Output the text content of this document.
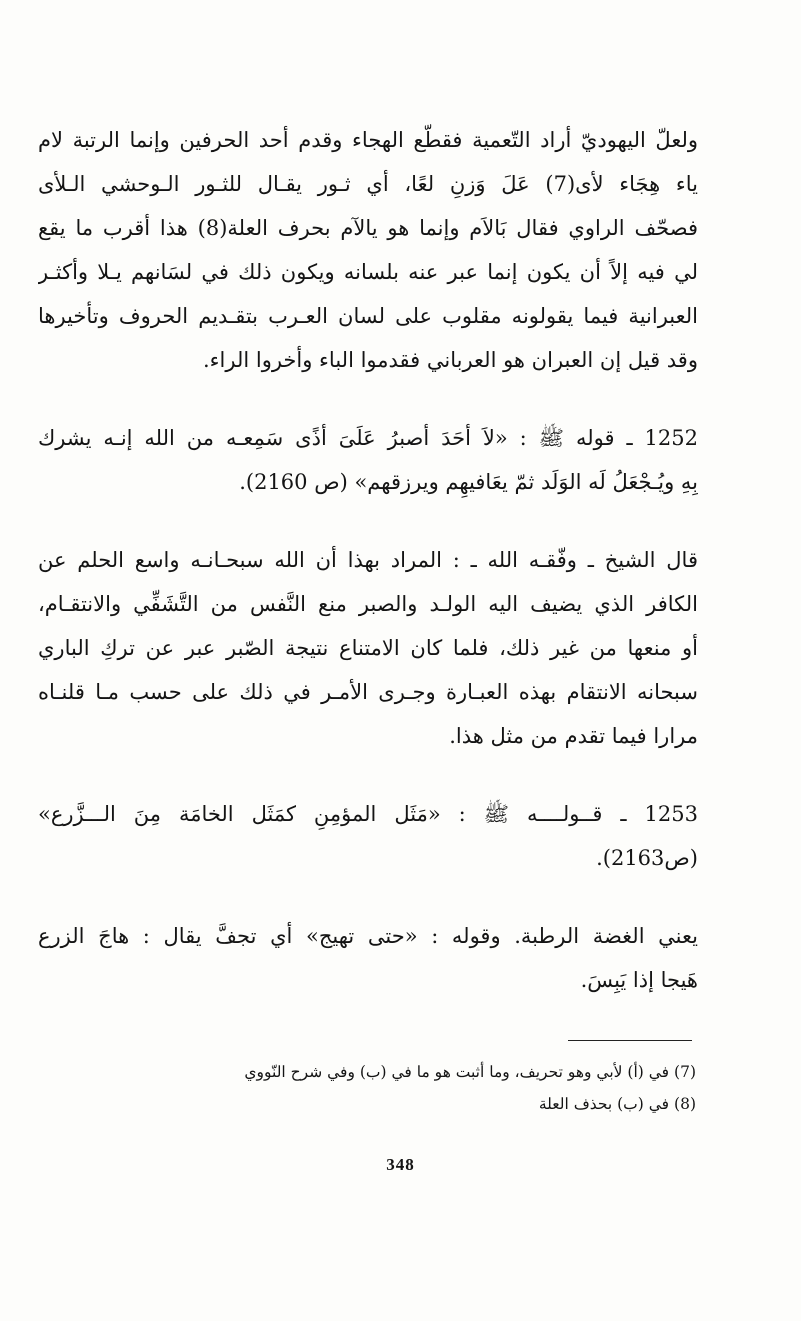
ولعلّ اليهوديّ أراد التّعمية فقطّع الهجاء وقدم أحد الحرفين وإنما الرتبة لام
ياء هِجَاء لأى(7) عَلَ وَزنِ لعًا، أي ثـور يقـال للثـور الـوحشي الـلأى
فصحّف الراوي فقال بَالاَم وإنما هو يالآم بحرف العلة(8) هذا أقرب ما يقع
لي فيه إلاً أن يكون إنما عبر عنه بلسانه ويكون ذلك في لسَانهم يـلا وأكثـر
العبرانية فيما يقولونه مقلوب على لسان العـرب بتقـديم الحروف وتأخيرها
وقد قيل إن العبران هو العرباني فقدموا الباء وأخروا الراء.

1252 ـ قوله ﷺ : «لاَ أحَدَ أصبرُ عَلَىَ أذًى سَمِعـه من الله إنـه يشرك
بِهِ ويُـجْعَلُ لَه الوَلَد ثمّ يعَافيهِم ويرزقهم» (ص 2160).

قال الشيخ ـ وفّقـه الله ـ : المراد بهذا أن الله سبحـانـه واسع الحلم عن
الكافر الذي يضيف اليه الولـد والصبر منع النَّفس من التَّشَفِّي والانتقـام،
أو منعها من غير ذلك، فلما كان الامتناع نتيجة الصّبر عبر عن تركِ الباري
سبحانه الانتقام بهذه العبـارة وجـرى الأمـر في ذلك على حسب مـا قلنـاه
مرارا فيما تقدم من مثل هذا.

1253 ـ قــولــــه ﷺ : «مَثَل المؤمِنِ كمَثَل الخامَة مِنَ الـــزَّرع»
(ص2163).

يعني الغضة الرطبة. وقوله : «حتى تهيج» أي تجفَّ يقال : هاجَ الزرع
هَيجا إذا يَبِسَ.

(7) في (أ) لأبي وهو تحريف، وما أثبت هو ما في (ب) وفي شرح النّووي
(8) في (ب) بحذف العلة
348
